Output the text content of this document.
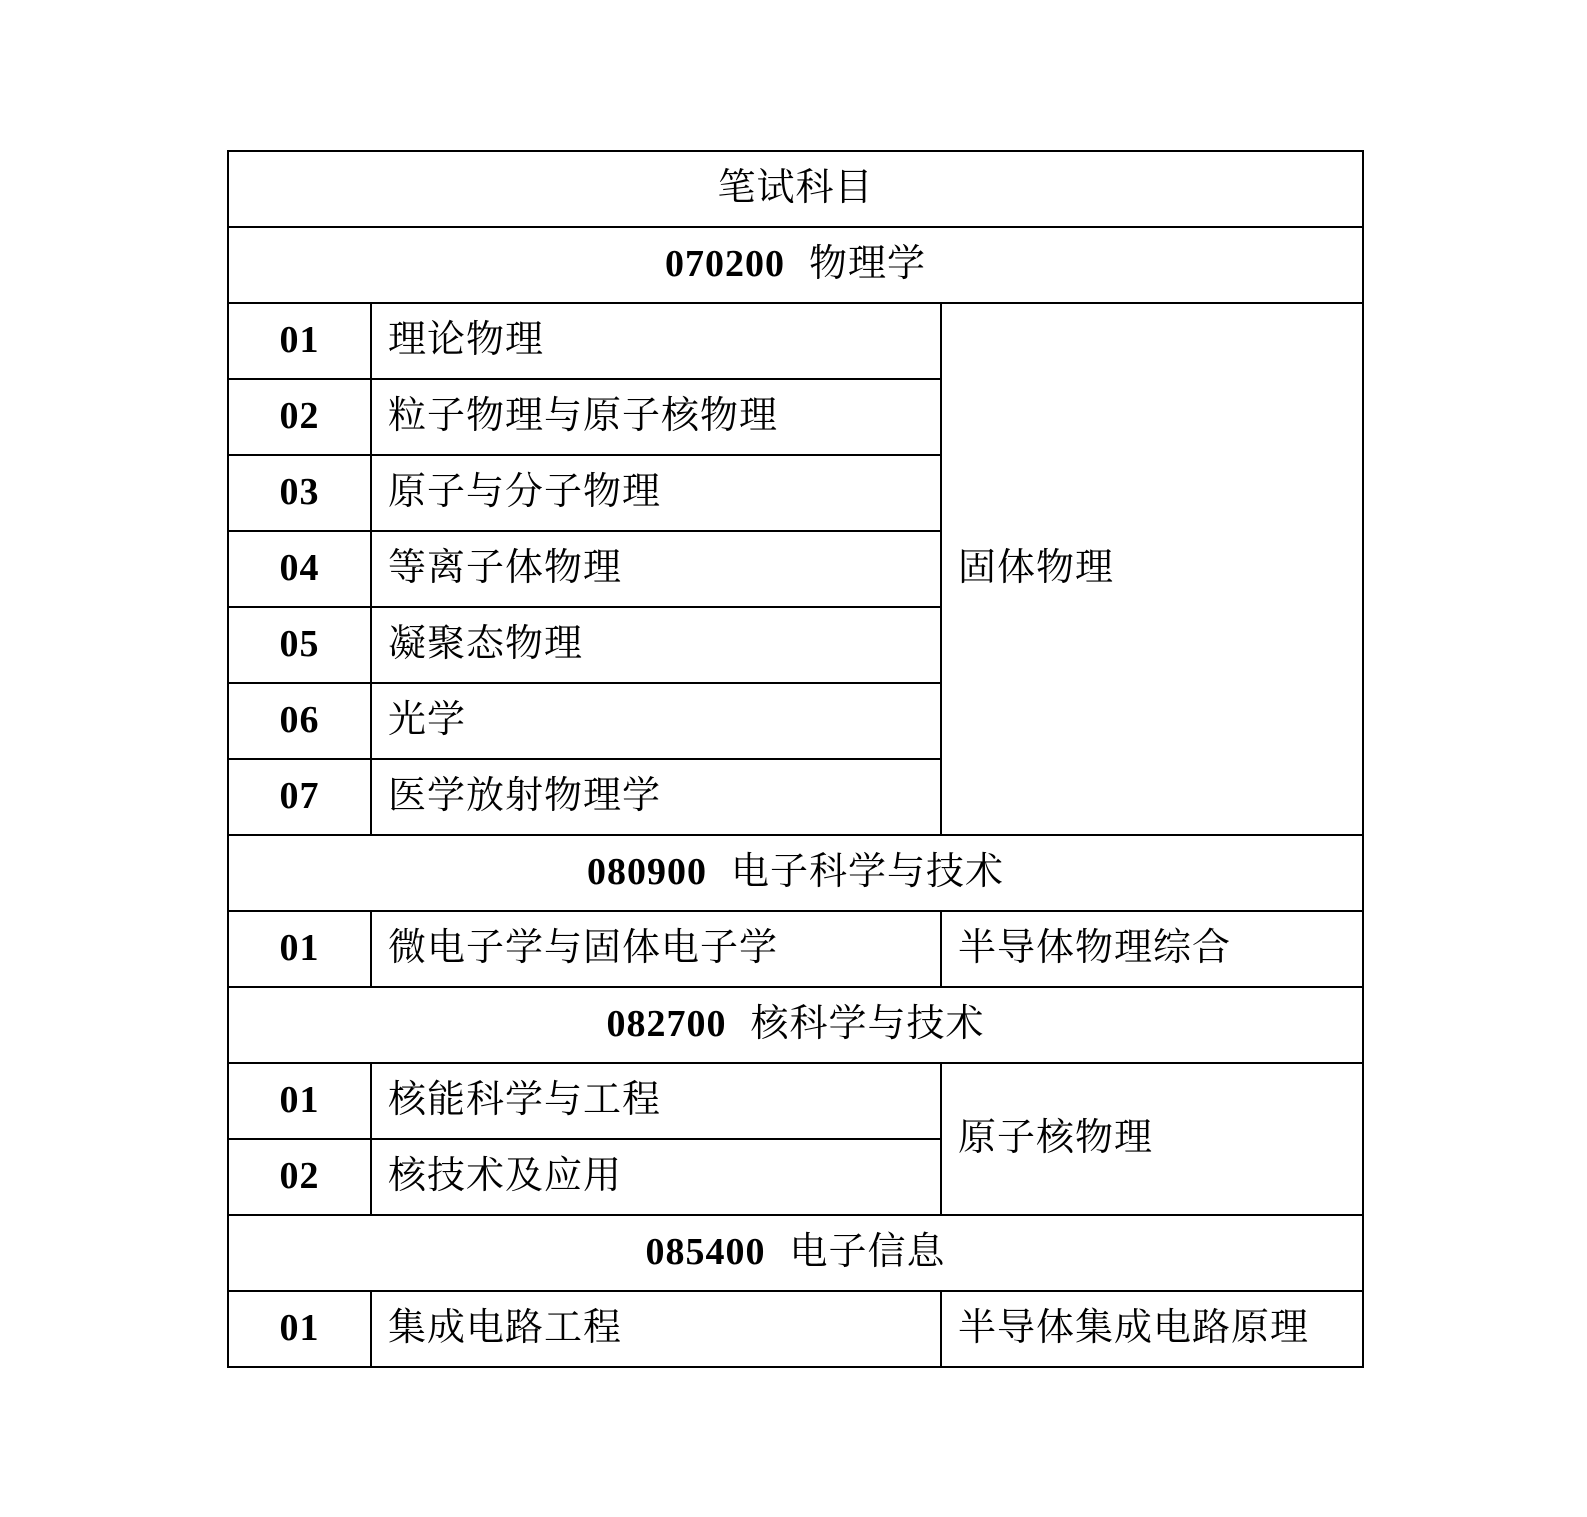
笔试科目		
070200 物理学		
01	理论物理	固体物理
02	粒子物理与原子核物理	
03	原子与分子物理	
04	等离子体物理	
05	凝聚态物理	
06	光学	
07	医学放射物理学	
080900 电子科学与技术		
01	微电子学与固体电子学	半导体物理综合
082700 核科学与技术		
01	核能科学与工程	原子核物理
02	核技术及应用	
085400 电子信息		
01	集成电路工程	半导体集成电路原理
